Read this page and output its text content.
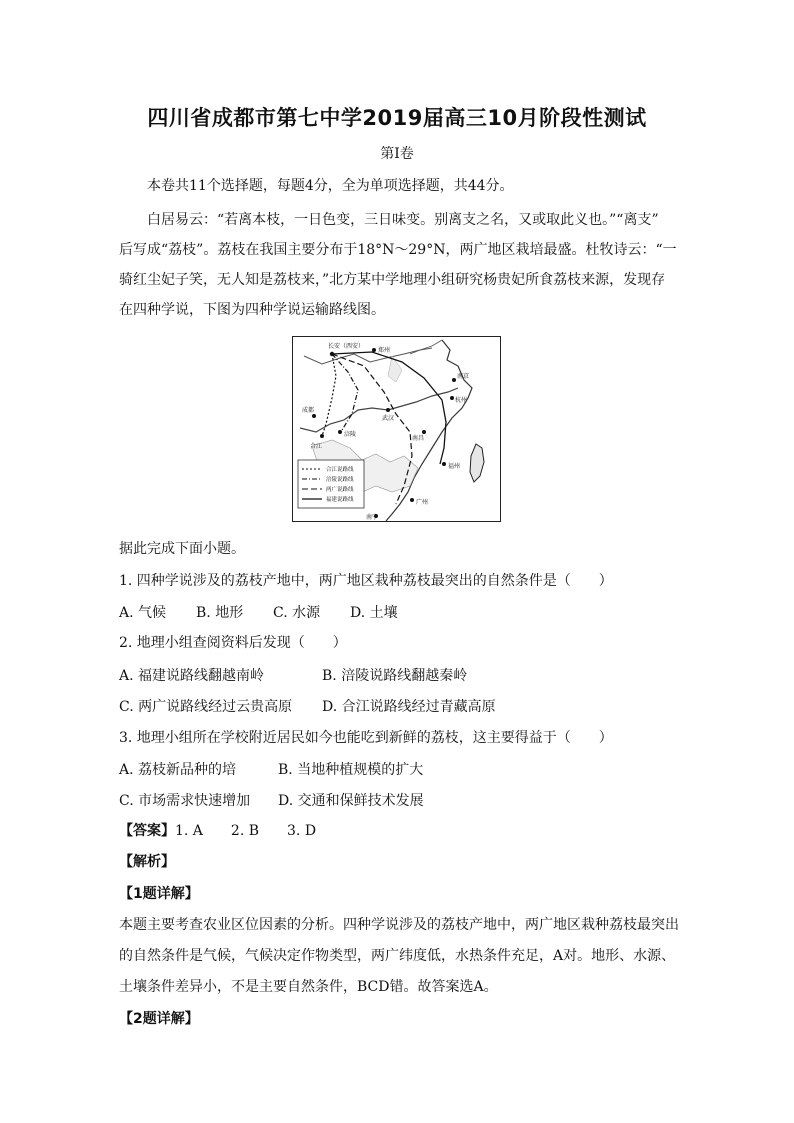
四川省成都市第七中学2019届高三10月阶段性测试
第Ⅰ卷
本卷共11个选择题，每题4分，全为单项选择题，共44分。
白居易云：“若离本枝，一日色变，三日味变。别离支之名，又或取此义也。”“离支”
后写成“荔枝”。荔枝在我国主要分布于18°N～29°N，两广地区栽培最盛。杜牧诗云：“一
骑红尘妃子笑，无人知是荔枝来，”北方某中学地理小组研究杨贵妃所食荔枝来源，发现存
在四种学说，下图为四种学说运输路线图。
长安（西安）
郑州
南京
杭州
武汉
成都
涪陵
南昌
合江
福州
广州
南宁
合江说路线
涪陵说路线
两广说路线
福建说路线
据此完成下面小题。
1. 四种学说涉及的荔枝产地中，两广地区栽种荔枝最突出的自然条件是（　　）
A. 气候 B. 地形 C. 水源 D. 土壤
2. 地理小组查阅资料后发现（　　）
A. 福建说路线翻越南岭	B. 涪陵说路线翻越秦岭
C. 两广说路线经过云贵高原 D. 合江说路线经过青藏高原
3. 地理小组所在学校附近居民如今也能吃到新鲜的荔枝，这主要得益于（　　）
A. 荔枝新品种的培	B. 当地种植规模的扩大
C. 市场需求快速增加 D. 交通和保鲜技术发展
【答案】1. A　　2. B　　3. D
【解析】
【1题详解】
本题主要考查农业区位因素的分析。四种学说涉及的荔枝产地中，两广地区栽种荔枝最突出
的自然条件是气候，气候决定作物类型，两广纬度低，水热条件充足，A对。地形、水源、
土壤条件差异小，不是主要自然条件，BCD错。故答案选A。
【2题详解】
